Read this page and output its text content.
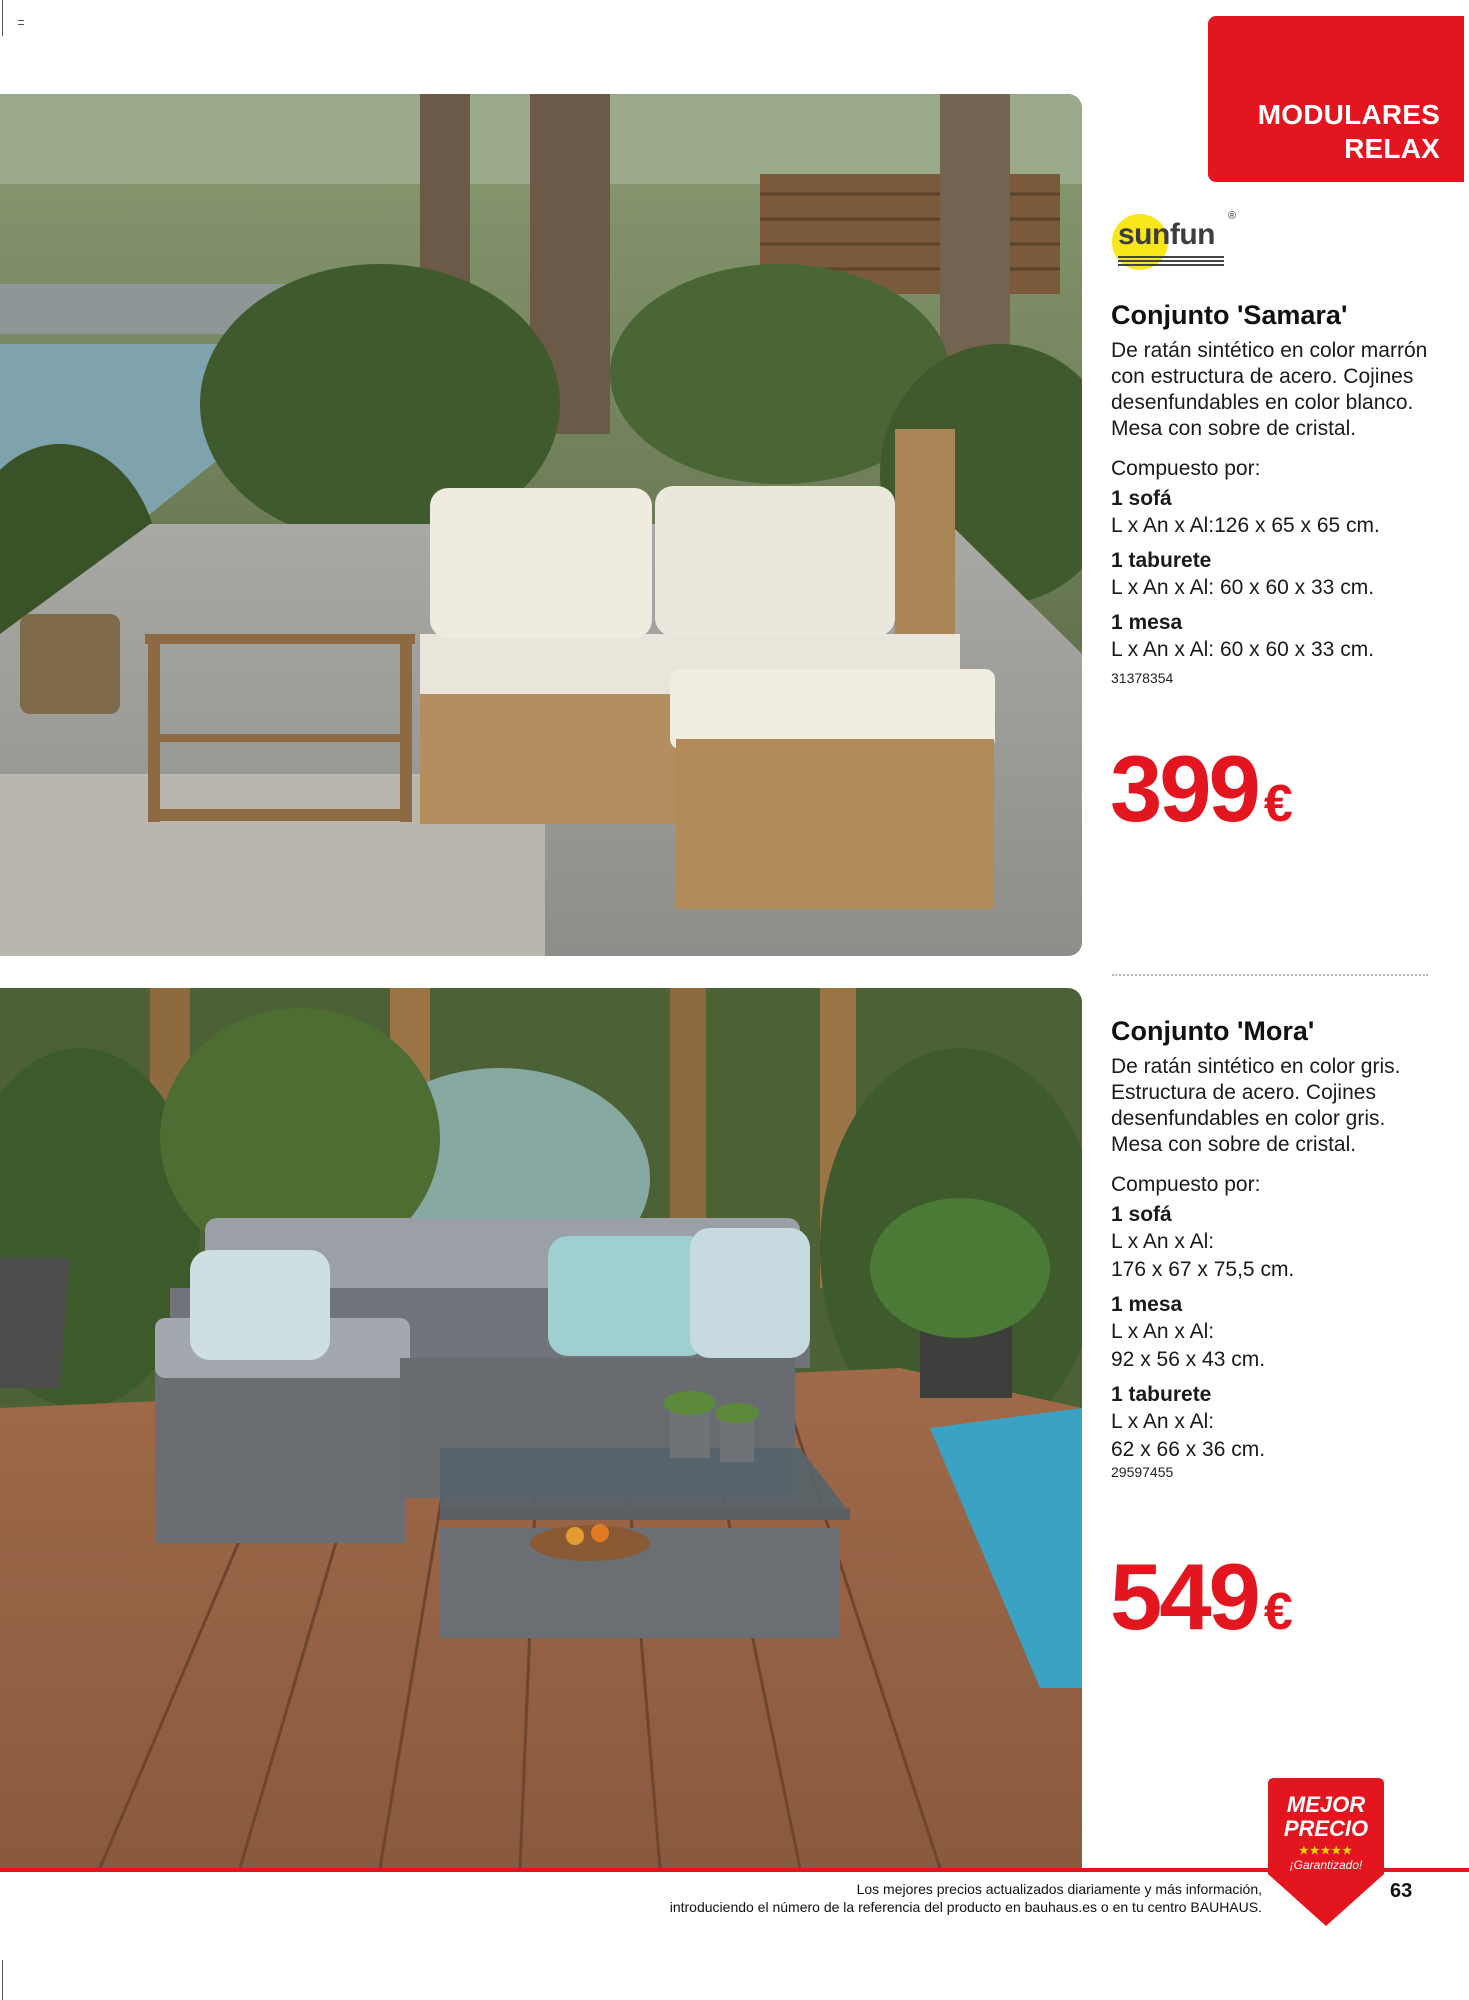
MODULARES
RELAX
sunfun
®
Conjunto 'Samara'
De ratán sintético en color marrón con estructura de acero. Cojines desenfundables en color blanco. Mesa con sobre de cristal.
Compuesto por:
1 sofá
L x An x Al:126 x 65 x 65 cm.
1 taburete
L x An x Al: 60 x 60 x 33 cm.
1 mesa
L x An x Al: 60 x 60 x 33 cm.
31378354
399 €
Conjunto 'Mora'
De ratán sintético en color gris. Estructura de acero. Cojines desenfundables en color gris. Mesa con sobre de cristal.
Compuesto por:
1 sofá
L x An x Al:
176 x 67 x 75,5 cm.
1 mesa
L x An x Al:
92 x 56 x 43 cm.
1 taburete
L x An x Al:
62 x 66 x 36 cm.
29597455
549 €
MEJOR
PRECIO
★★★★★
¡Garantizado!
Los mejores precios actualizados diariamente y más información,
introduciendo el número de la referencia del producto en bauhaus.es o en tu centro BAUHAUS.
63
